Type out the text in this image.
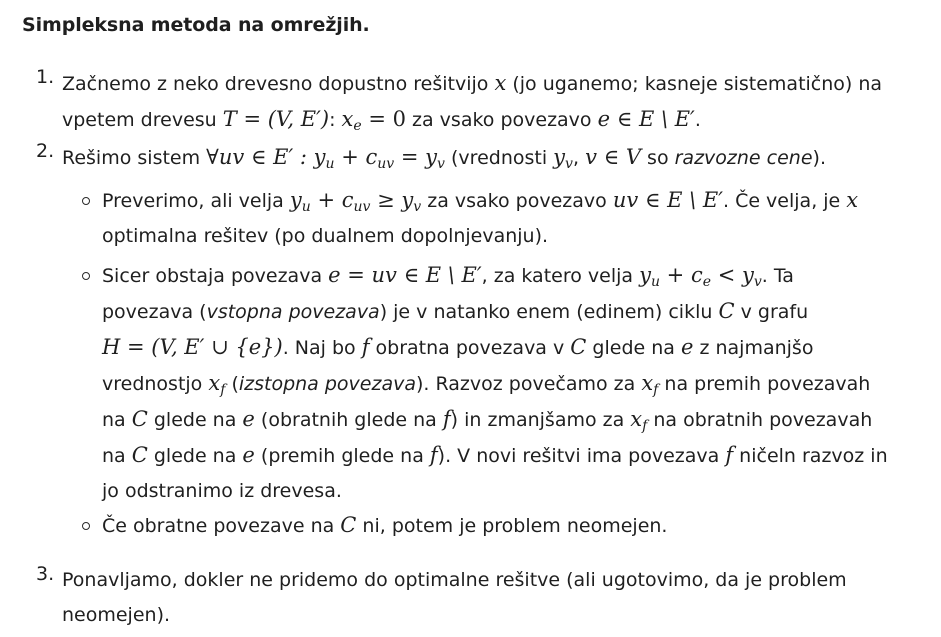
Simpleksna metoda na omrežjih.
1. Začnemo z neko drevesno dopustno rešitvijo x (jo uganemo; kasneje sistematično) na
vpetem drevesu T = (V, E′): $x_e = 0$ za vsako povezavo e ∈ E \ E′.
2. Rešimo sistem ∀uv ∈ E′ : $y_u + c_{uv} = y_v$ (vrednosti $y_v$, v ∈ V so razvozne cene).
Preverimo, ali velja $y_u + c_{uv} \ge y_v$ za vsako povezavo uv ∈ E \ E′. Če velja, je x
optimalna rešitev (po dualnem dopolnjevanju).
Sicer obstaja povezava e = uv ∈ E \ E′, za katero velja $y_u + c_e < y_v$. Ta
povezava (vstopna povezava) je v natanko enem (edinem) ciklu C v grafu
H = (V, E′ ∪ {e}). Naj bo f obratna povezava v C glede na e z najmanjšo
vrednostjo $x_f$ (izstopna povezava). Razvoz povečamo za $x_f$ na premih povezavah
na C glede na e (obratnih glede na f) in zmanjšamo za $x_f$ na obratnih povezavah
na C glede na e (premih glede na f). V novi rešitvi ima povezava f ničeln razvoz in
jo odstranimo iz drevesa.
Če obratne povezave na C ni, potem je problem neomejen.
3. Ponavljamo, dokler ne pridemo do optimalne rešitve (ali ugotovimo, da je problem
neomejen).
